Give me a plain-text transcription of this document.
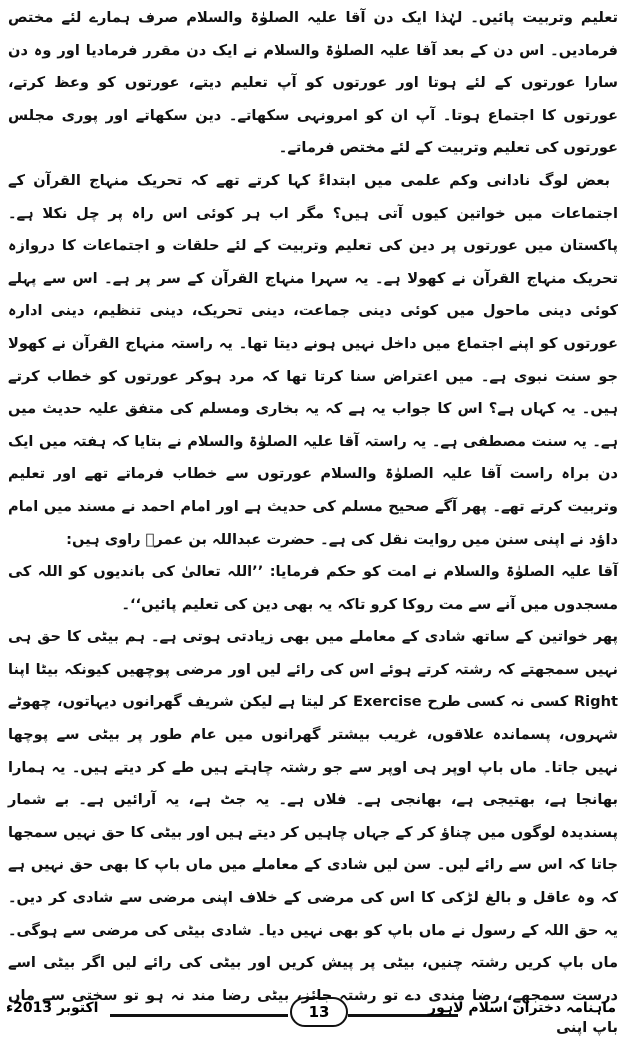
تعلیم وتربیت پائیں۔ لہٰذا ایک دن آقا علیہ الصلوٰۃ والسلام صرف ہمارے لئے مختص فرمادیں۔ اس دن کے بعد آقا علیہ الصلوٰۃ والسلام نے ایک دن مقرر فرمادیا اور وہ دن سارا عورتوں کے لئے ہوتا اور عورتوں کو آپ تعلیم دیتے، عورتوں کو وعظ کرتے، عورتوں کا اجتماع ہوتا۔ آپ ان کو امرونہی سکھاتے۔ دین سکھاتے اور پوری مجلس عورتوں کی تعلیم وتربیت کے لئے مختص فرماتے۔

بعض لوگ نادانی وکم علمی میں ابتداءً کہا کرتے تھے کہ تحریک منہاج القرآن کے اجتماعات میں خواتین کیوں آتی ہیں؟ مگر اب ہر کوئی اس راہ پر چل نکلا ہے۔ پاکستان میں عورتوں پر دین کی تعلیم وتربیت کے لئے حلقات و اجتماعات کا دروازہ تحریک منہاج القرآن نے کھولا ہے۔ یہ سہرا منہاج القرآن کے سر پر ہے۔ اس سے پہلے کوئی دینی ماحول میں کوئی دینی جماعت، دینی تحریک، دینی تنظیم، دینی ادارہ عورتوں کو اپنے اجتماع میں داخل نہیں ہونے دیتا تھا۔ یہ راستہ منہاج القرآن نے کھولا جو سنت نبوی ہے۔ میں اعتراض سنا کرتا تھا کہ مرد ہوکر عورتوں کو خطاب کرتے ہیں۔ یہ کہاں ہے؟ اس کا جواب یہ ہے کہ یہ بخاری ومسلم کی متفق علیہ حدیث میں ہے۔ یہ سنت مصطفی ہے۔ یہ راستہ آقا علیہ الصلوٰۃ والسلام نے بتایا کہ ہفتہ میں ایک دن براہ راست آقا علیہ الصلوٰۃ والسلام عورتوں سے خطاب فرماتے تھے اور تعلیم وتربیت کرتے تھے۔ پھر آگے صحیح مسلم کی حدیث ہے اور امام احمد نے مسند میں امام داؤد نے اپنی سنن میں روایت نقل کی ہے۔ حضرت عبداللہ بن عمرؓ راوی ہیں:

آقا علیہ الصلوٰۃ والسلام نے امت کو حکم فرمایا: ’’اللہ تعالیٰ کی باندیوں کو اللہ کی مسجدوں میں آنے سے مت روکا کرو تاکہ یہ بھی دین کی تعلیم پائیں‘‘۔

پھر خواتین کے ساتھ شادی کے معاملے میں بھی زیادتی ہوتی ہے۔ ہم بیٹی کا حق ہی نہیں سمجھتے کہ رشتہ کرتے ہوئے اس کی رائے لیں اور مرضی پوچھیں کیونکہ بیٹا اپنا Right کسی نہ کسی طرح Exercise کر لیتا ہے لیکن شریف گھرانوں دیہاتوں، چھوٹے شہروں، پسماندہ علاقوں، غریب بیشتر گھرانوں میں عام طور پر بیٹی سے پوچھا نہیں جاتا۔ ماں باپ اوپر ہی اوپر سے جو رشتہ چاہتے ہیں طے کر دیتے ہیں۔ یہ ہمارا بھانجا ہے، بھتیجی ہے، بھانجی ہے۔ فلاں ہے۔ یہ جٹ ہے، یہ آرائیں ہے۔ بے شمار پسندیدہ لوگوں میں چناؤ کر کے جہاں چاہیں کر دیتے ہیں اور بیٹی کا حق نہیں سمجھا جاتا کہ اس سے رائے لیں۔ سن لیں شادی کے معاملے میں ماں باپ کا بھی حق نہیں ہے کہ وہ عاقل و بالغ لڑکی کا اس کی مرضی کے خلاف اپنی مرضی سے شادی کر دیں۔ یہ حق اللہ کے رسول نے ماں باپ کو بھی نہیں دیا۔ شادی بیٹی کی مرضی سے ہوگی۔ ماں باپ کریں رشتہ چنیں، بیٹی پر پیش کریں اور بیٹی کی رائے لیں اگر بیٹی اسے درست سمجھے، رضا مندی دے تو رشتہ جائز، بیٹی رضا مند نہ ہو تو سختی سے ماں باپ اپنی

اکتوبر 2013ء	13	ماہنامہ دختران اسلام لاہور
